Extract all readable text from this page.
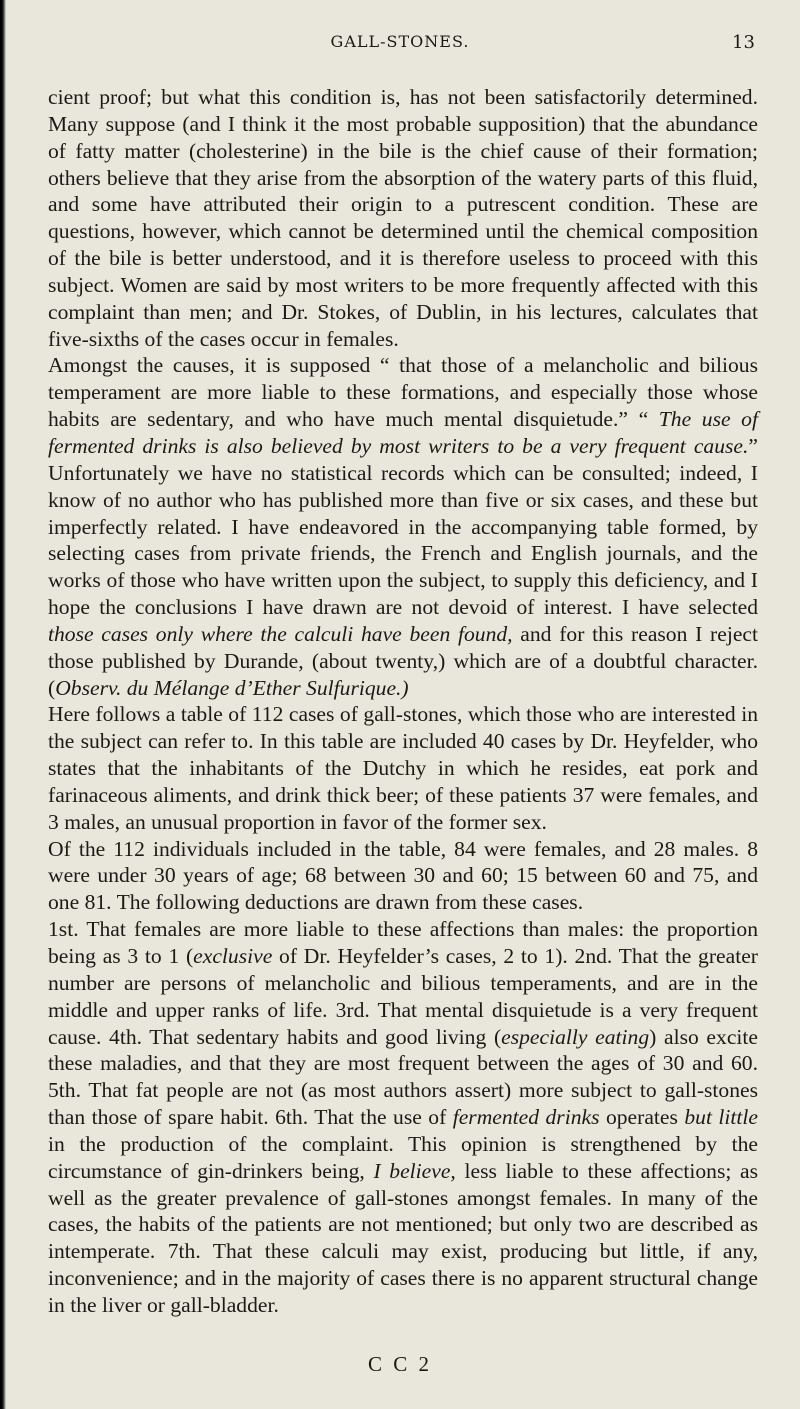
GALL-STONES.	13

cient proof; but what this condition is, has not been satisfactorily determined. Many suppose (and I think it the most probable supposition) that the abundance of fatty matter (cholesterine) in the bile is the chief cause of their formation; others believe that they arise from the absorption of the watery parts of this fluid, and some have attributed their origin to a putrescent condition. These are questions, however, which cannot be determined until the chemical composition of the bile is better understood, and it is therefore useless to proceed with this subject. Women are said by most writers to be more frequently affected with this complaint than men; and Dr. Stokes, of Dublin, in his lectures, calculates that five-sixths of the cases occur in females.

Amongst the causes, it is supposed “ that those of a melancholic and bilious temperament are more liable to these formations, and especially those whose habits are sedentary, and who have much mental disquietude.” “ The use of fermented drinks is also believed by most writers to be a very frequent cause.” Unfortunately we have no statistical records which can be consulted; indeed, I know of no author who has published more than five or six cases, and these but imperfectly related. I have endeavored in the accompanying table formed, by selecting cases from private friends, the French and English journals, and the works of those who have written upon the subject, to supply this deficiency, and I hope the conclusions I have drawn are not devoid of interest. I have selected those cases only where the calculi have been found, and for this reason I reject those published by Durande, (about twenty,) which are of a doubtful character. (Observ. du Mélange d’Ether Sulfurique.)

Here follows a table of 112 cases of gall-stones, which those who are interested in the subject can refer to. In this table are included 40 cases by Dr. Heyfelder, who states that the inhabitants of the Dutchy in which he resides, eat pork and farinaceous aliments, and drink thick beer; of these patients 37 were females, and 3 males, an unusual proportion in favor of the former sex.

Of the 112 individuals included in the table, 84 were females, and 28 males. 8 were under 30 years of age; 68 between 30 and 60; 15 between 60 and 75, and one 81. The following deductions are drawn from these cases.

1st. That females are more liable to these affections than males: the proportion being as 3 to 1 (exclusive of Dr. Heyfelder’s cases, 2 to 1). 2nd. That the greater number are persons of melancholic and bilious temperaments, and are in the middle and upper ranks of life. 3rd. That mental disquietude is a very frequent cause. 4th. That sedentary habits and good living (especially eating) also excite these maladies, and that they are most frequent between the ages of 30 and 60. 5th. That fat people are not (as most authors assert) more subject to gall-stones than those of spare habit. 6th. That the use of fermented drinks operates but little in the production of the complaint. This opinion is strengthened by the circumstance of gin-drinkers being, I believe, less liable to these affections; as well as the greater prevalence of gall-stones amongst females. In many of the cases, the habits of the patients are not mentioned; but only two are described as intemperate. 7th. That these calculi may exist, producing but little, if any, inconvenience; and in the majority of cases there is no apparent structural change in the liver or gall-bladder.

C C 2
